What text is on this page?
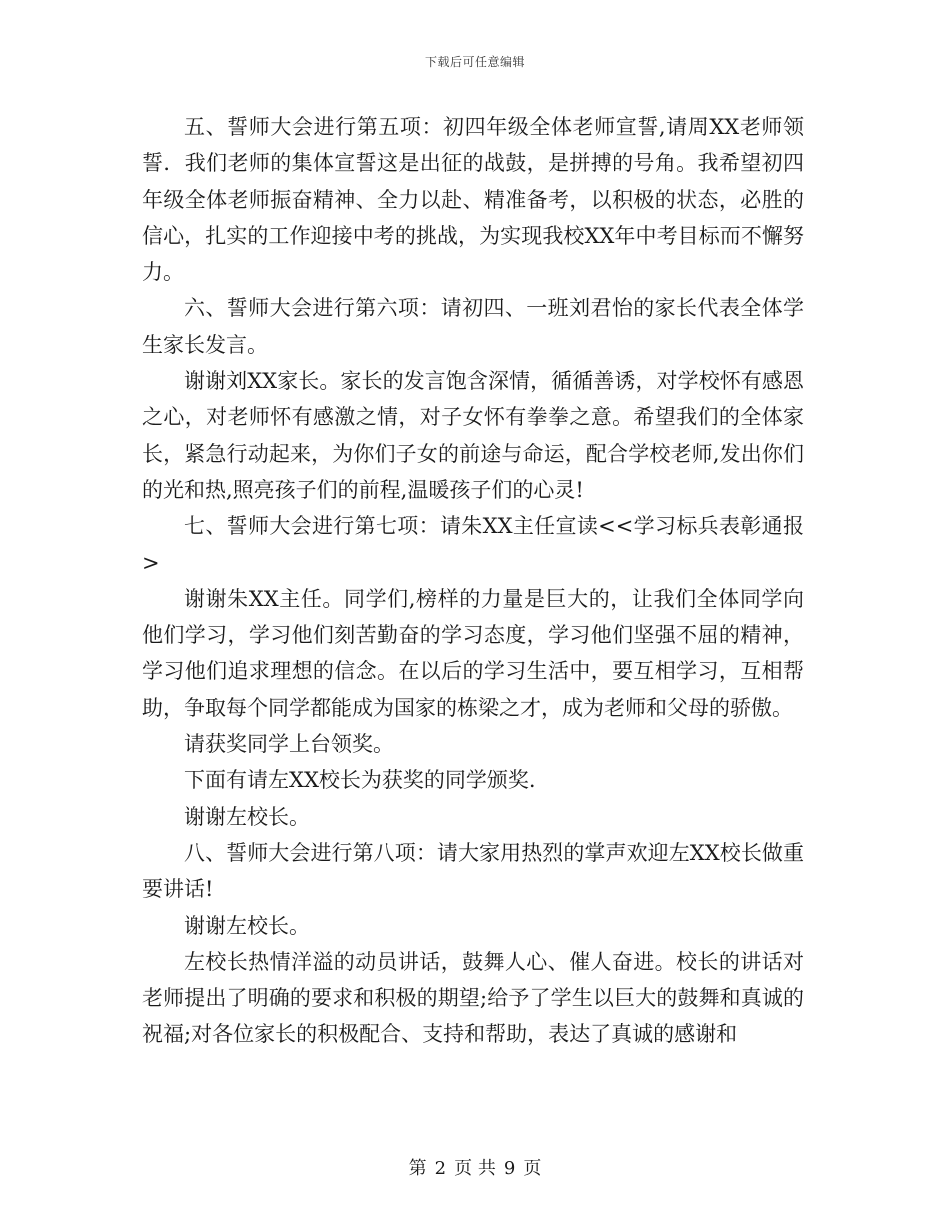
下载后可任意编辑

五、誓师大会进行第五项：初四年级全体老师宣誓,请周XX老师领誓．我们老师的集体宣誓这是出征的战鼓，是拼搏的号角。我希望初四年级全体老师振奋精神、全力以赴、精准备考，以积极的状态，必胜的信心，扎实的工作迎接中考的挑战，为实现我校XX年中考目标而不懈努力。

六、誓师大会进行第六项：请初四、一班刘君怡的家长代表全体学生家长发言。

谢谢刘XX家长。家长的发言饱含深情，循循善诱，对学校怀有感恩之心，对老师怀有感激之情，对子女怀有拳拳之意。希望我们的全体家长，紧急行动起来，为你们子女的前途与命运，配合学校老师,发出你们的光和热,照亮孩子们的前程,温暖孩子们的心灵!

七、誓师大会进行第七项：请朱XX主任宣读<<学习标兵表彰通报>

谢谢朱XX主任。同学们,榜样的力量是巨大的，让我们全体同学向他们学习，学习他们刻苦勤奋的学习态度，学习他们坚强不屈的精神，学习他们追求理想的信念。在以后的学习生活中，要互相学习，互相帮助，争取每个同学都能成为国家的栋梁之才，成为老师和父母的骄傲。

请获奖同学上台领奖。

下面有请左XX校长为获奖的同学颁奖.

谢谢左校长。

八、誓师大会进行第八项：请大家用热烈的掌声欢迎左XX校长做重要讲话!

谢谢左校长。

左校长热情洋溢的动员讲话，鼓舞人心、催人奋进。校长的讲话对老师提出了明确的要求和积极的期望;给予了学生以巨大的鼓舞和真诚的祝福;对各位家长的积极配合、支持和帮助，表达了真诚的感谢和

第 2 页 共 9 页
